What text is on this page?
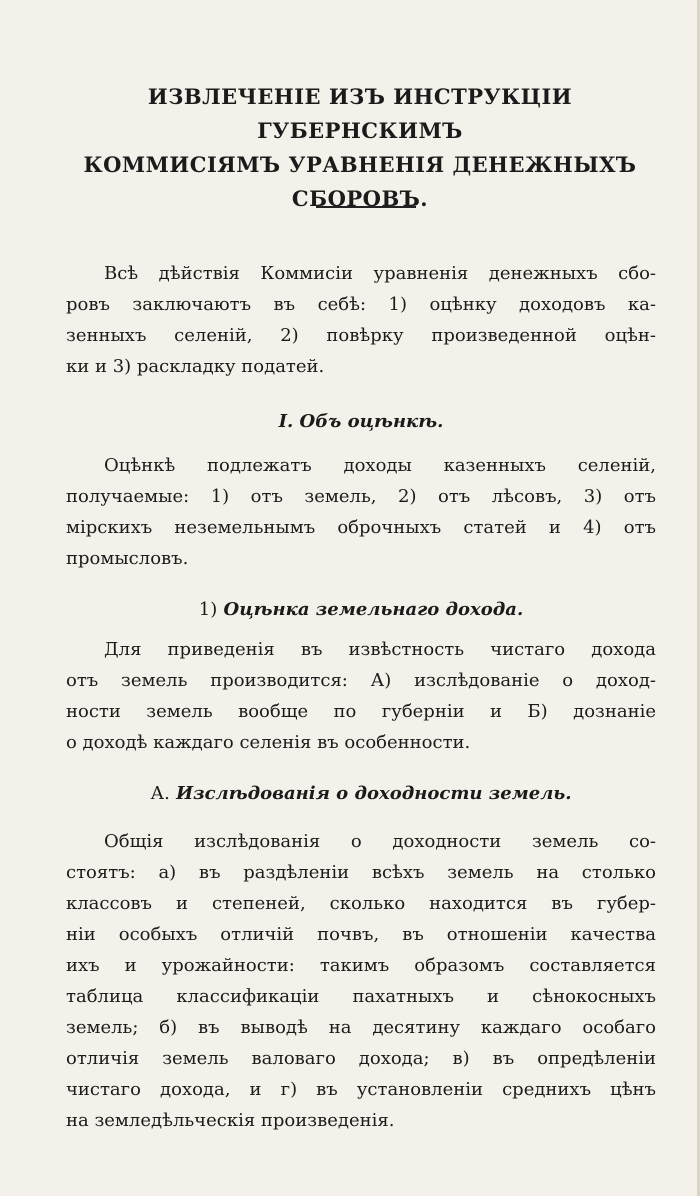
ИЗВЛЕЧЕНІЕ ИЗЪ ИНСТРУКЦІИ ГУБЕРНСКИМЪ
КОММИСІЯМЪ УРАВНЕНІЯ ДЕНЕЖНЫХЪ
СБОРОВЪ.

Всѣ дѣйствія Коммисіи уравненія денежныхъ сбо-
ровъ заключаютъ въ себѣ: 1) оцѣнку доходовъ ка-
зенныхъ селеній, 2) повѣрку произведенной оцѣн-
ки и 3) раскладку податей.

I. Объ оцѣнкѣ.

Оцѣнкѣ подлежатъ доходы казенныхъ селеній,
получаемые: 1) отъ земель, 2) отъ лѣсовъ, 3) отъ
мірскихъ неземельнымъ оброчныхъ статей и 4) отъ
промысловъ.

1) Оцѣнка земельнаго дохода.

Для приведенія въ извѣстность чистаго дохода
отъ земель производится: А) изслѣдованіе о доход-
ности земель вообще по губерніи и Б) дознаніе
о доходѣ каждаго селенія въ особенности.

А. Изслѣдованія о доходности земель.

Общія изслѣдованія о доходности земель со-
стоятъ: а) въ раздѣленіи всѣхъ земель на столько
классовъ и степеней, сколько находится въ губер-
ніи особыхъ отличій почвъ, въ отношеніи качества
ихъ и урожайности: такимъ образомъ составляется
таблица классификаціи пахатныхъ и сѣнокосныхъ
земель; б) въ выводѣ на десятину каждаго особаго
отличія земель валоваго дохода; в) въ опредѣленіи
чистаго дохода, и г) въ установленіи среднихъ цѣнъ
на земледѣльческія произведенія.
